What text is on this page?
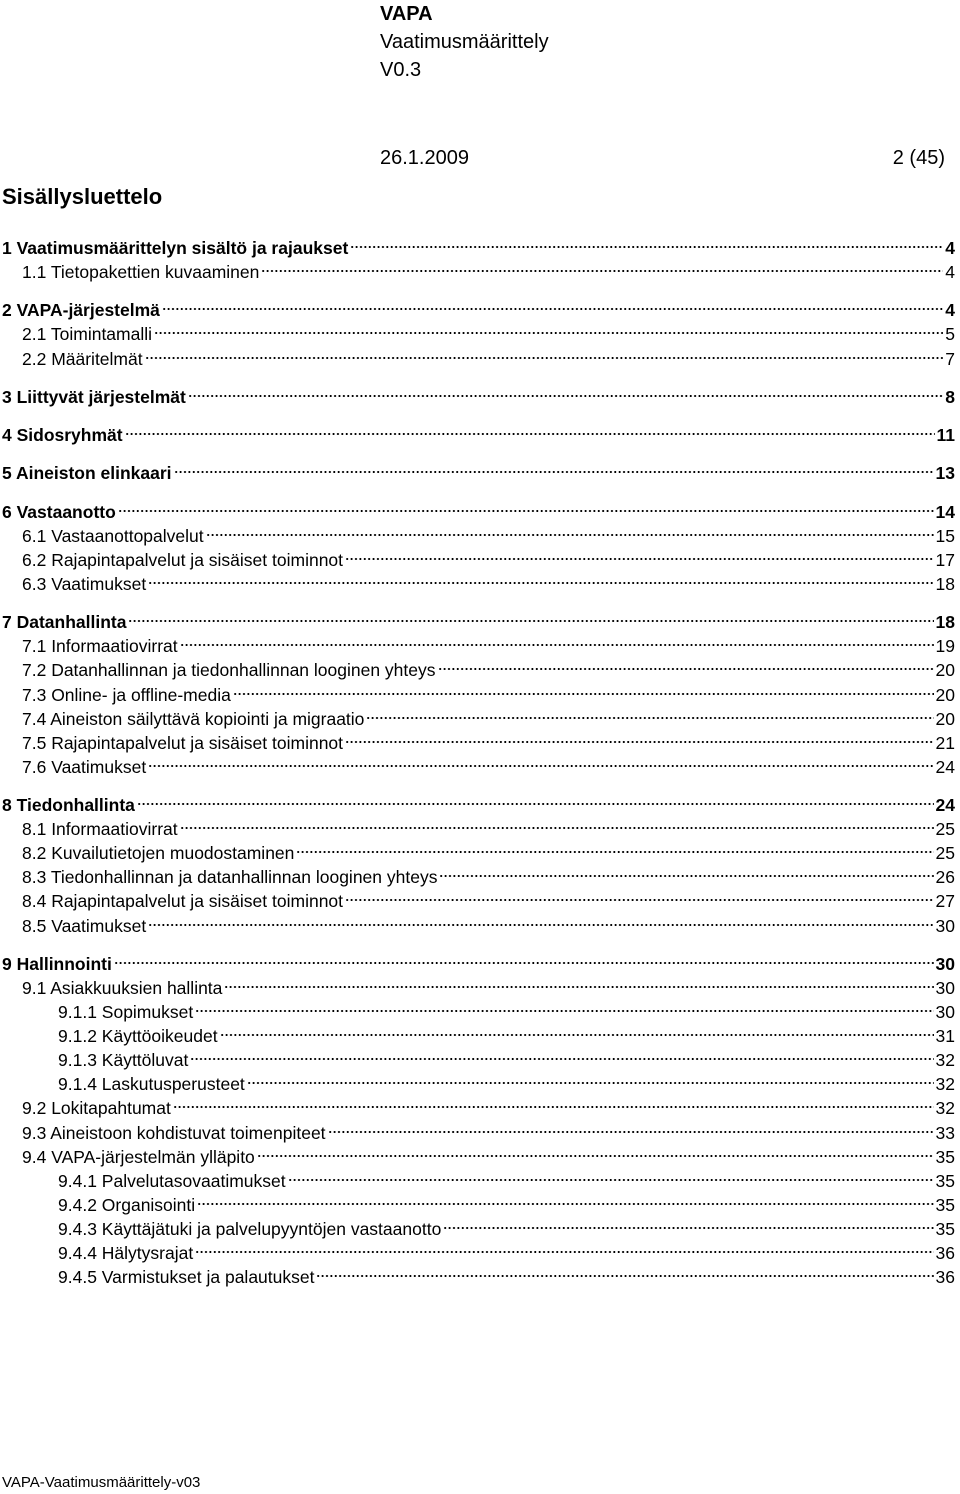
VAPA
Vaatimusmäärittely
V0.3
26.1.2009	2 (45)
Sisällysluettelo
1 Vaatimusmäärittelyn sisältö ja rajaukset	4
1.1 Tietopakettien kuvaaminen	4
2 VAPA-järjestelmä	4
2.1 Toimintamalli	5
2.2 Määritelmät	7
3 Liittyvät järjestelmät	8
4 Sidosryhmät	11
5 Aineiston elinkaari	13
6 Vastaanotto	14
6.1 Vastaanottopalvelut	15
6.2 Rajapintapalvelut ja sisäiset toiminnot	17
6.3 Vaatimukset	18
7 Datanhallinta	18
7.1 Informaatiovirrat	19
7.2 Datanhallinnan ja tiedonhallinnan looginen yhteys	20
7.3 Online- ja offline-media	20
7.4 Aineiston säilyttävä kopiointi ja migraatio	20
7.5 Rajapintapalvelut ja sisäiset toiminnot	21
7.6 Vaatimukset	24
8 Tiedonhallinta	24
8.1 Informaatiovirrat	25
8.2 Kuvailutietojen muodostaminen	25
8.3 Tiedonhallinnan ja datanhallinnan looginen yhteys	26
8.4 Rajapintapalvelut ja sisäiset toiminnot	27
8.5 Vaatimukset	30
9 Hallinnointi	30
9.1 Asiakkuuksien hallinta	30
9.1.1 Sopimukset	30
9.1.2 Käyttöoikeudet	31
9.1.3 Käyttöluvat	32
9.1.4 Laskutusperusteet	32
9.2 Lokitapahtumat	32
9.3 Aineistoon kohdistuvat toimenpiteet	33
9.4 VAPA-järjestelmän ylläpito	35
9.4.1 Palvelutasovaatimukset	35
9.4.2 Organisointi	35
9.4.3 Käyttäjätuki ja palvelupyyntöjen vastaanotto	35
9.4.4 Hälytysrajat	36
9.4.5 Varmistukset ja palautukset	36
VAPA-Vaatimusmäärittely-v03
